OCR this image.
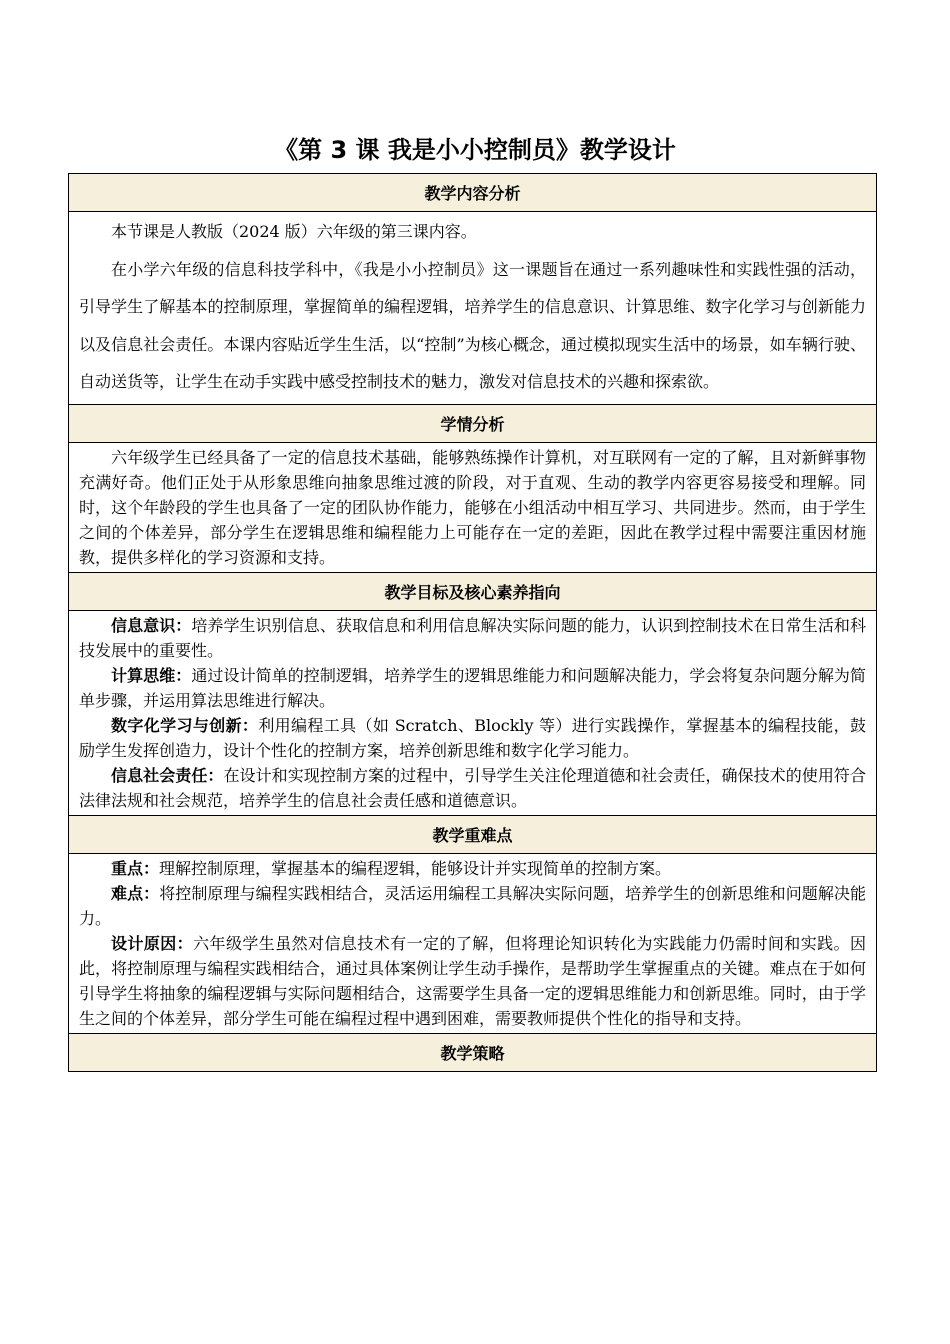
《第 3 课 我是小小控制员》教学设计
教学内容分析

本节课是人教版（2024 版）六年级的第三课内容。

在小学六年级的信息科技学科中，《我是小小控制员》这一课题旨在通过一系列趣味性和实践性强的活动，引导学生了解基本的控制原理，掌握简单的编程逻辑，培养学生的信息意识、计算思维、数字化学习与创新能力以及信息社会责任。本课内容贴近学生生活，以“控制”为核心概念，通过模拟现实生活中的场景，如车辆行驶、自动送货等，让学生在动手实践中感受控制技术的魅力，激发对信息技术的兴趣和探索欲。

学情分析

六年级学生已经具备了一定的信息技术基础，能够熟练操作计算机，对互联网有一定的了解，且对新鲜事物充满好奇。他们正处于从形象思维向抽象思维过渡的阶段，对于直观、生动的教学内容更容易接受和理解。同时，这个年龄段的学生也具备了一定的团队协作能力，能够在小组活动中相互学习、共同进步。然而，由于学生之间的个体差异，部分学生在逻辑思维和编程能力上可能存在一定的差距，因此在教学过程中需要注重因材施教，提供多样化的学习资源和支持。

教学目标及核心素养指向

信息意识：培养学生识别信息、获取信息和利用信息解决实际问题的能力，认识到控制技术在日常生活和科技发展中的重要性。

计算思维：通过设计简单的控制逻辑，培养学生的逻辑思维能力和问题解决能力，学会将复杂问题分解为简单步骤，并运用算法思维进行解决。

数字化学习与创新：利用编程工具（如 Scratch、Blockly 等）进行实践操作，掌握基本的编程技能，鼓励学生发挥创造力，设计个性化的控制方案，培养创新思维和数字化学习能力。

信息社会责任：在设计和实现控制方案的过程中，引导学生关注伦理道德和社会责任，确保技术的使用符合法律法规和社会规范，培养学生的信息社会责任感和道德意识。

教学重难点

重点：理解控制原理，掌握基本的编程逻辑，能够设计并实现简单的控制方案。

难点：将控制原理与编程实践相结合，灵活运用编程工具解决实际问题，培养学生的创新思维和问题解决能力。

设计原因：六年级学生虽然对信息技术有一定的了解，但将理论知识转化为实践能力仍需时间和实践。因此，将控制原理与编程实践相结合，通过具体案例让学生动手操作，是帮助学生掌握重点的关键。难点在于如何引导学生将抽象的编程逻辑与实际问题相结合，这需要学生具备一定的逻辑思维能力和创新思维。同时，由于学生之间的个体差异，部分学生可能在编程过程中遇到困难，需要教师提供个性化的指导和支持。

教学策略
